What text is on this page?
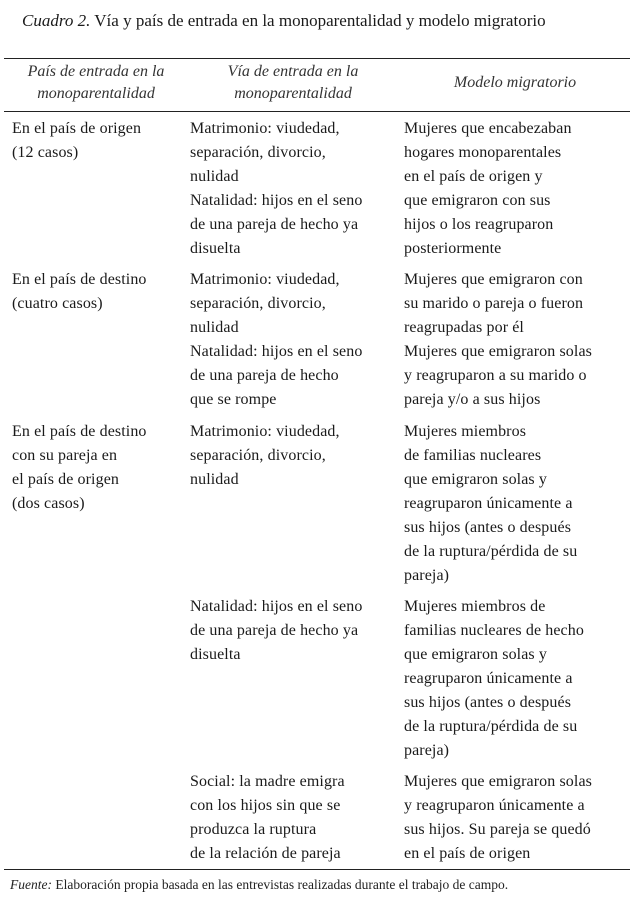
Cuadro 2. Vía y país de entrada en la monoparentalidad y modelo migratorio
País de entrada en la
monoparentalidad
Vía de entrada en la
monoparentalidad
Modelo migratorio
En el país de origen
(12 casos)
Matrimonio: viudedad,
separación, divorcio,
nulidad
Natalidad: hijos en el seno
de una pareja de hecho ya
disuelta
Mujeres que encabezaban
hogares monoparentales
en el país de origen y
que emigraron con sus
hijos o los reagruparon
posteriormente
En el país de destino
(cuatro casos)
Matrimonio: viudedad,
separación, divorcio,
nulidad
Natalidad: hijos en el seno
de una pareja de hecho
que se rompe
Mujeres que emigraron con
su marido o pareja o fueron
reagrupadas por él
Mujeres que emigraron solas
y reagruparon a su marido o
pareja y/o a sus hijos
En el país de destino
con su pareja en
el país de origen
(dos casos)
Matrimonio: viudedad,
separación, divorcio,
nulidad
Mujeres miembros
de familias nucleares
que emigraron solas y
reagruparon únicamente a
sus hijos (antes o después
de la ruptura/pérdida de su
pareja)
Natalidad: hijos en el seno
de una pareja de hecho ya
disuelta
Mujeres miembros de
familias nucleares de hecho
que emigraron solas y
reagruparon únicamente a
sus hijos (antes o después
de la ruptura/pérdida de su
pareja)
Social: la madre emigra
con los hijos sin que se
produzca la ruptura
de la relación de pareja
Mujeres que emigraron solas
y reagruparon únicamente a
sus hijos. Su pareja se quedó
en el país de origen
Fuente: Elaboración propia basada en las entrevistas realizadas durante el trabajo de campo.
